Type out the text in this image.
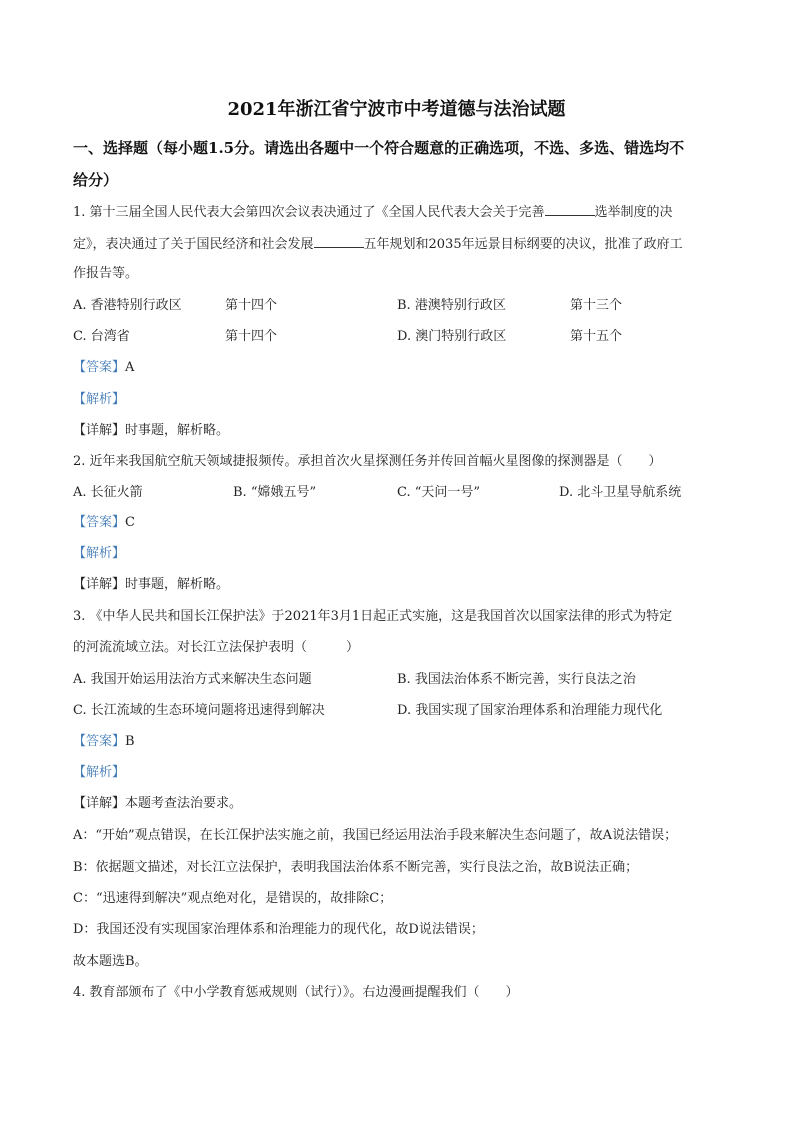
2021年浙江省宁波市中考道德与法治试题
一、选择题（每小题1.5分。请选出各题中一个符合题意的正确选项，不选、多选、错选均不
给分）
1. 第十三届全国人民代表大会第四次会议表决通过了《全国人民代表大会关于完善	选举制度的决
定》，表决通过了关于国民经济和社会发展	五年规划和2035年远景目标纲要的决议，批准了政府工
作报告等。
A. 香港特别行政区	第十四个	B. 港澳特别行政区	第十三个
C. 台湾省	第十四个	D. 澳门特别行政区	第十五个
【答案】A
【解析】
【详解】时事题，解析略。
2. 近年来我国航空航天领域捷报频传。承担首次火星探测任务并传回首幅火星图像的探测器是（　　）
A. 长征火箭	B. “嫦娥五号”	C. “天问一号”	D. 北斗卫星导航系统
【答案】C
【解析】
【详解】时事题，解析略。
3. 《中华人民共和国长江保护法》于2021年3月1日起正式实施，这是我国首次以国家法律的形式为特定
的河流流域立法。对长江立法保护表明（　　　）
A. 我国开始运用法治方式来解决生态问题	B. 我国法治体系不断完善，实行良法之治
C. 长江流域的生态环境问题将迅速得到解决	D. 我国实现了国家治理体系和治理能力现代化
【答案】B
【解析】
【详解】本题考查法治要求。
A：“开始”观点错误，在长江保护法实施之前，我国已经运用法治手段来解决生态问题了，故A说法错误；
B：依据题文描述，对长江立法保护，表明我国法治体系不断完善，实行良法之治，故B说法正确；
C：“迅速得到解决”观点绝对化，是错误的，故排除C；
D：我国还没有实现国家治理体系和治理能力的现代化，故D说法错误；
故本题选B。
4. 教育部颁布了《中小学教育惩戒规则（试行）》。右边漫画提醒我们（　　）
